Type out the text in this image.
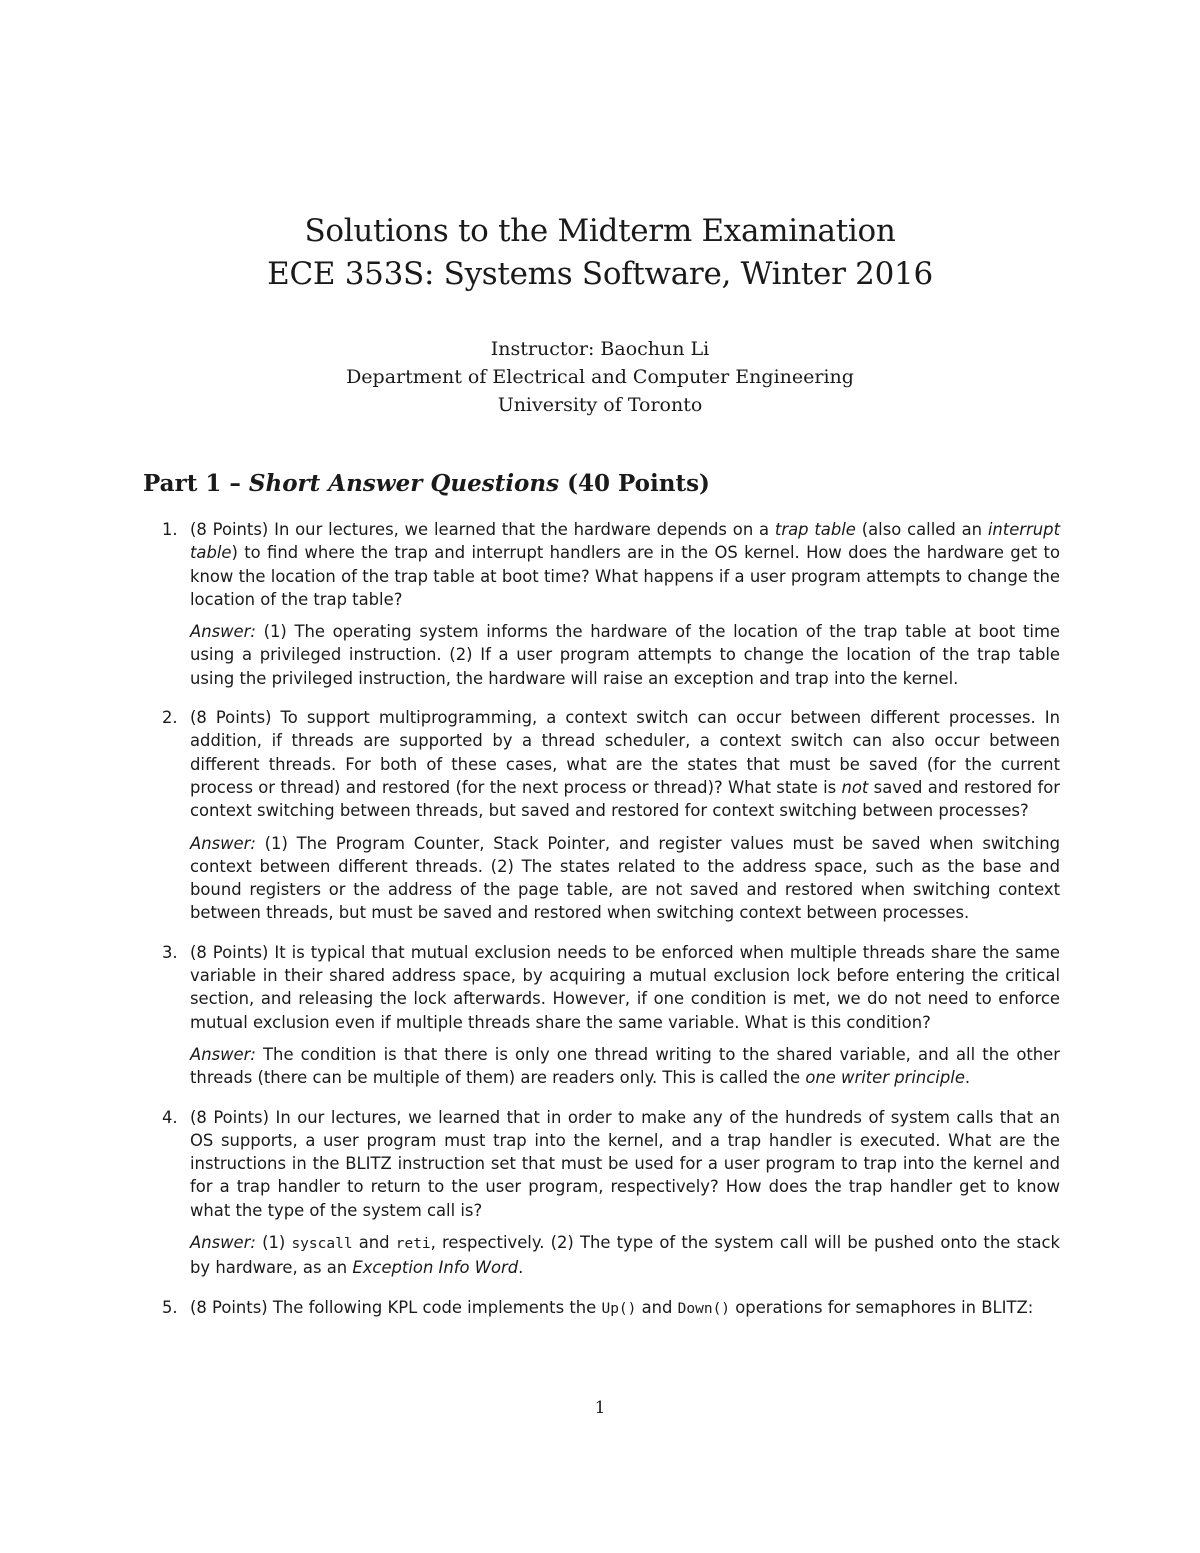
Solutions to the Midterm Examination
ECE 353S: Systems Software, Winter 2016
Instructor: Baochun Li
Department of Electrical and Computer Engineering
University of Toronto
Part 1 – Short Answer Questions (40 Points)
1. (8 Points) In our lectures, we learned that the hardware depends on a trap table (also called an interrupt table) to find where the trap and interrupt handlers are in the OS kernel. How does the hardware get to know the location of the trap table at boot time? What happens if a user program attempts to change the location of the trap table?

Answer: (1) The operating system informs the hardware of the location of the trap table at boot time using a privileged instruction. (2) If a user program attempts to change the location of the trap table using the privileged instruction, the hardware will raise an exception and trap into the kernel.

2. (8 Points) To support multiprogramming, a context switch can occur between different processes. In addition, if threads are supported by a thread scheduler, a context switch can also occur between different threads. For both of these cases, what are the states that must be saved (for the current process or thread) and restored (for the next process or thread)? What state is not saved and restored for context switching between threads, but saved and restored for context switching between processes?

Answer: (1) The Program Counter, Stack Pointer, and register values must be saved when switching context between different threads. (2) The states related to the address space, such as the base and bound registers or the address of the page table, are not saved and restored when switching context between threads, but must be saved and restored when switching context between processes.

3. (8 Points) It is typical that mutual exclusion needs to be enforced when multiple threads share the same variable in their shared address space, by acquiring a mutual exclusion lock before entering the critical section, and releasing the lock afterwards. However, if one condition is met, we do not need to enforce mutual exclusion even if multiple threads share the same variable. What is this condition?

Answer: The condition is that there is only one thread writing to the shared variable, and all the other threads (there can be multiple of them) are readers only. This is called the one writer principle.

4. (8 Points) In our lectures, we learned that in order to make any of the hundreds of system calls that an OS supports, a user program must trap into the kernel, and a trap handler is executed. What are the instructions in the BLITZ instruction set that must be used for a user program to trap into the kernel and for a trap handler to return to the user program, respectively? How does the trap handler get to know what the type of the system call is?

Answer: (1) syscall and reti, respectively. (2) The type of the system call will be pushed onto the stack by hardware, as an Exception Info Word.

5. (8 Points) The following KPL code implements the Up() and Down() operations for semaphores in BLITZ:

1
